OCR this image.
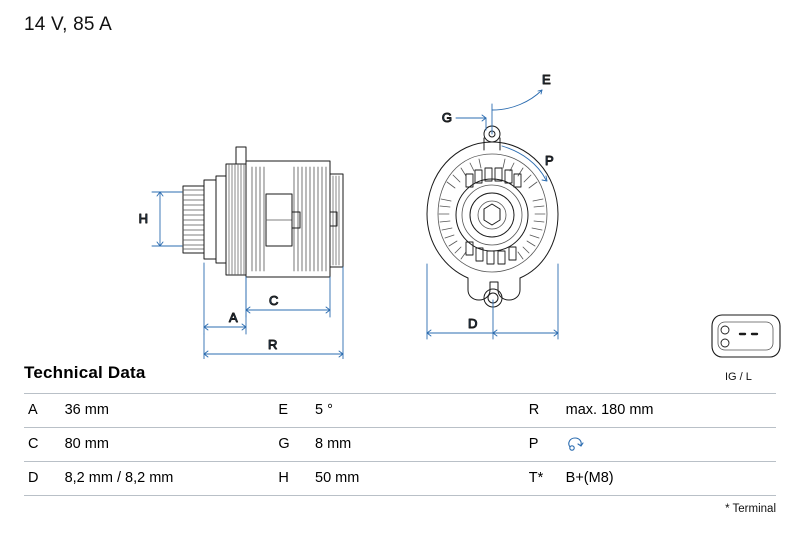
14 V, 85 A
H
C
A
R
E
G
P
D
IG / L
Technical Data
A	36 mm	E	5 °	R	max. 180 mm
C	80 mm	G	8 mm	P	
D	8,2 mm / 8,2 mm	H	50 mm	T*	B+(M8)
* Terminal
